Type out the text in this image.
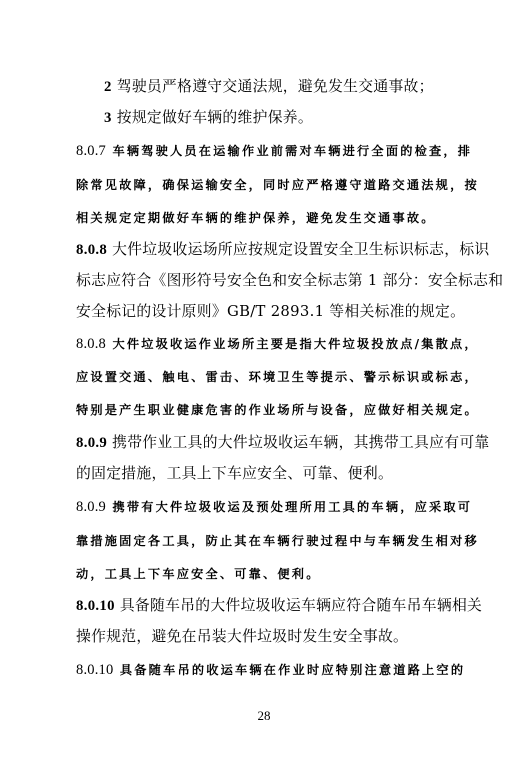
2 驾驶员严格遵守交通法规，避免发生交通事故；
3 按规定做好车辆的维护保养。
8.0.7 车辆驾驶人员在运输作业前需对车辆进行全面的检查，排
除常见故障，确保运输安全，同时应严格遵守道路交通法规，按
相关规定定期做好车辆的维护保养，避免发生交通事故。
8.0.8 大件垃圾收运场所应按规定设置安全卫生标识标志，标识
标志应符合《图形符号安全色和安全标志第 1 部分：安全标志和
安全标记的设计原则》GB/T 2893.1 等相关标准的规定。
8.0.8 大件垃圾收运作业场所主要是指大件垃圾投放点/集散点，
应设置交通、触电、雷击、环境卫生等提示、警示标识或标志，
特别是产生职业健康危害的作业场所与设备，应做好相关规定。
8.0.9 携带作业工具的大件垃圾收运车辆，其携带工具应有可靠
的固定措施，工具上下车应安全、可靠、便利。
8.0.9 携带有大件垃圾收运及预处理所用工具的车辆，应采取可
靠措施固定各工具，防止其在车辆行驶过程中与车辆发生相对移
动，工具上下车应安全、可靠、便利。
8.0.10 具备随车吊的大件垃圾收运车辆应符合随车吊车辆相关
操作规范，避免在吊装大件垃圾时发生安全事故。
8.0.10 具备随车吊的收运车辆在作业时应特别注意道路上空的
28
